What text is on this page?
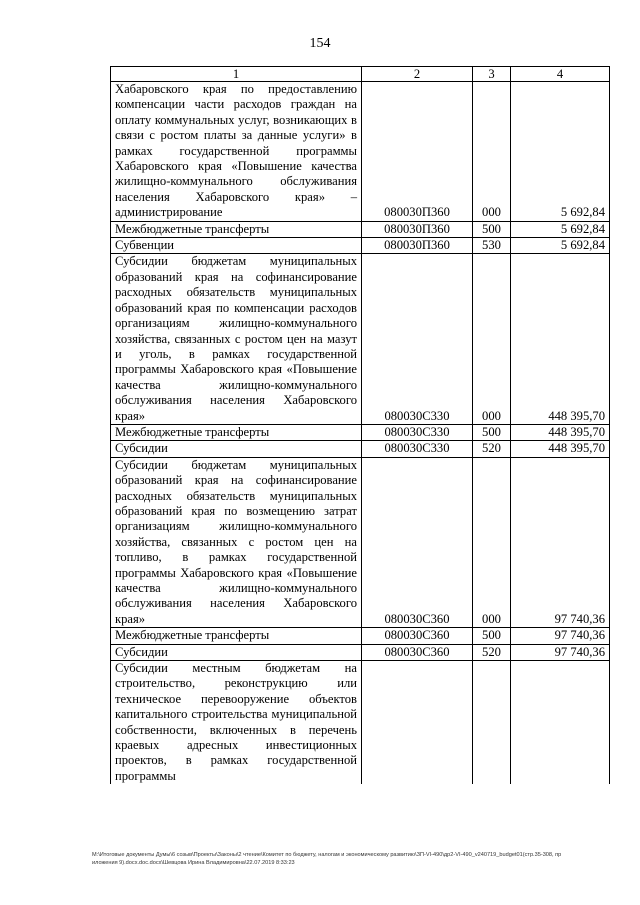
154
1	2	3	4
Хабаровского края по предоставлению компенсации части расходов граждан на оплату коммунальных услуг, возникающих в связи с ростом платы за данные услуги» в рамках государственной программы Хабаровского края «Повышение качества жилищно-коммунального обслуживания населения Хабаровского края» – администрирование	080030П360	000	5 692,84
Межбюджетные трансферты	080030П360	500	5 692,84
Субвенции	080030П360	530	5 692,84
Субсидии бюджетам муниципальных образований края на софинансирование расходных обязательств муниципальных образований края по компенсации расходов организациям жилищно-коммунального хозяйства, связанных с ростом цен на мазут и уголь, в рамках государственной программы Хабаровского края «Повышение качества жилищно-коммунального обслуживания населения Хабаровского края»	080030С330	000	448 395,70
Межбюджетные трансферты	080030С330	500	448 395,70
Субсидии	080030С330	520	448 395,70
Субсидии бюджетам муниципальных образований края на софинансирование расходных обязательств муниципальных образований края по возмещению затрат организациям жилищно-коммунального хозяйства, связанных с ростом цен на топливо, в рамках государственной программы Хабаровского края «Повышение качества жилищно-коммунального обслуживания населения Хабаровского края»	080030С360	000	97 740,36
Межбюджетные трансферты	080030С360	500	97 740,36
Субсидии	080030С360	520	97 740,36
Субсидии местным бюджетам на строительство, реконструкцию или техническое перевооружение объектов капитального строительства муниципальной собственности, включенных в перечень краевых адресных инвестиционных проектов, в рамках государственной программы			
M:\Итоговые документы Думы\6 созыв\Проекты\Законы\2 чтение\Комитет по бюджету, налогам и экономическому развитию\ЗП-VI-490\др2-VI-490_v240719_budget01(стр.35-308, приложения 9).docx.doc.docx\Шевцова Ирина Владимировна\22.07.2019 8:33:23
